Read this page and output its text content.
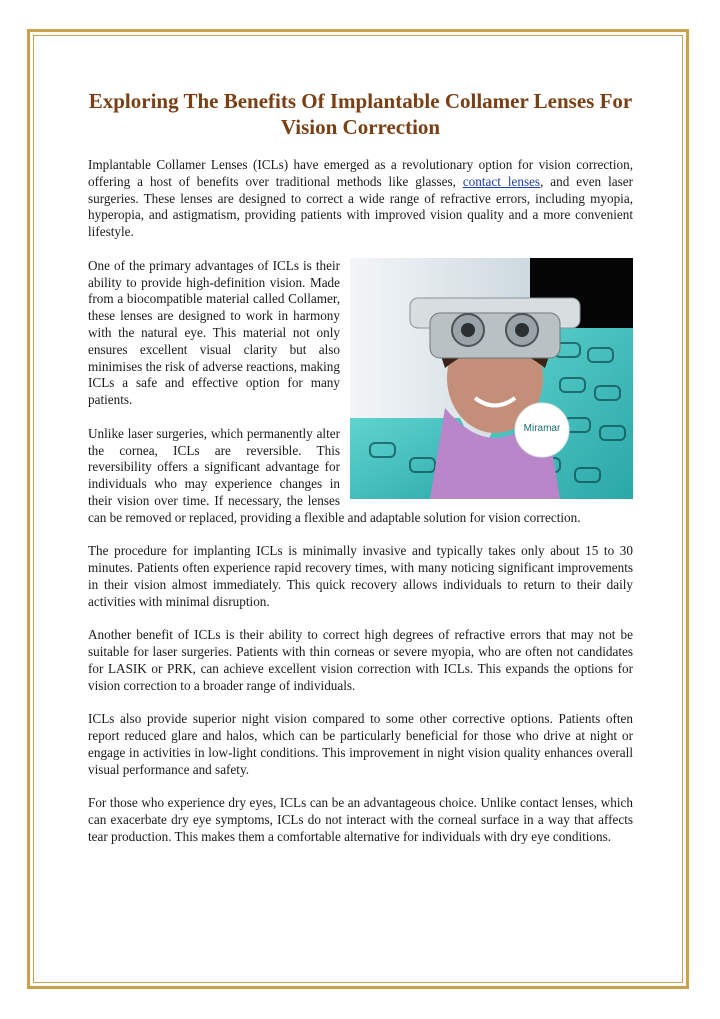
Exploring The Benefits Of Implantable Collamer Lenses For Vision Correction

Implantable Collamer Lenses (ICLs) have emerged as a revolutionary option for vision correction, offering a host of benefits over traditional methods like glasses, contact lenses, and even laser surgeries. These lenses are designed to correct a wide range of refractive errors, including myopia, hyperopia, and astigmatism, providing patients with improved vision quality and a more convenient lifestyle.

Miramar

One of the primary advantages of ICLs is their ability to provide high-definition vision. Made from a biocompatible material called Collamer, these lenses are designed to work in harmony with the natural eye. This material not only ensures excellent visual clarity but also minimises the risk of adverse reactions, making ICLs a safe and effective option for many patients.

Unlike laser surgeries, which permanently alter the cornea, ICLs are reversible. This reversibility offers a significant advantage for individuals who may experience changes in their vision over time. If necessary, the lenses can be removed or replaced, providing a flexible and adaptable solution for vision correction.

The procedure for implanting ICLs is minimally invasive and typically takes only about 15 to 30 minutes. Patients often experience rapid recovery times, with many noticing significant improvements in their vision almost immediately. This quick recovery allows individuals to return to their daily activities with minimal disruption.

Another benefit of ICLs is their ability to correct high degrees of refractive errors that may not be suitable for laser surgeries. Patients with thin corneas or severe myopia, who are often not candidates for LASIK or PRK, can achieve excellent vision correction with ICLs. This expands the options for vision correction to a broader range of individuals.

ICLs also provide superior night vision compared to some other corrective options. Patients often report reduced glare and halos, which can be particularly beneficial for those who drive at night or engage in activities in low-light conditions. This improvement in night vision quality enhances overall visual performance and safety.

For those who experience dry eyes, ICLs can be an advantageous choice. Unlike contact lenses, which can exacerbate dry eye symptoms, ICLs do not interact with the corneal surface in a way that affects tear production. This makes them a comfortable alternative for individuals with dry eye conditions.
